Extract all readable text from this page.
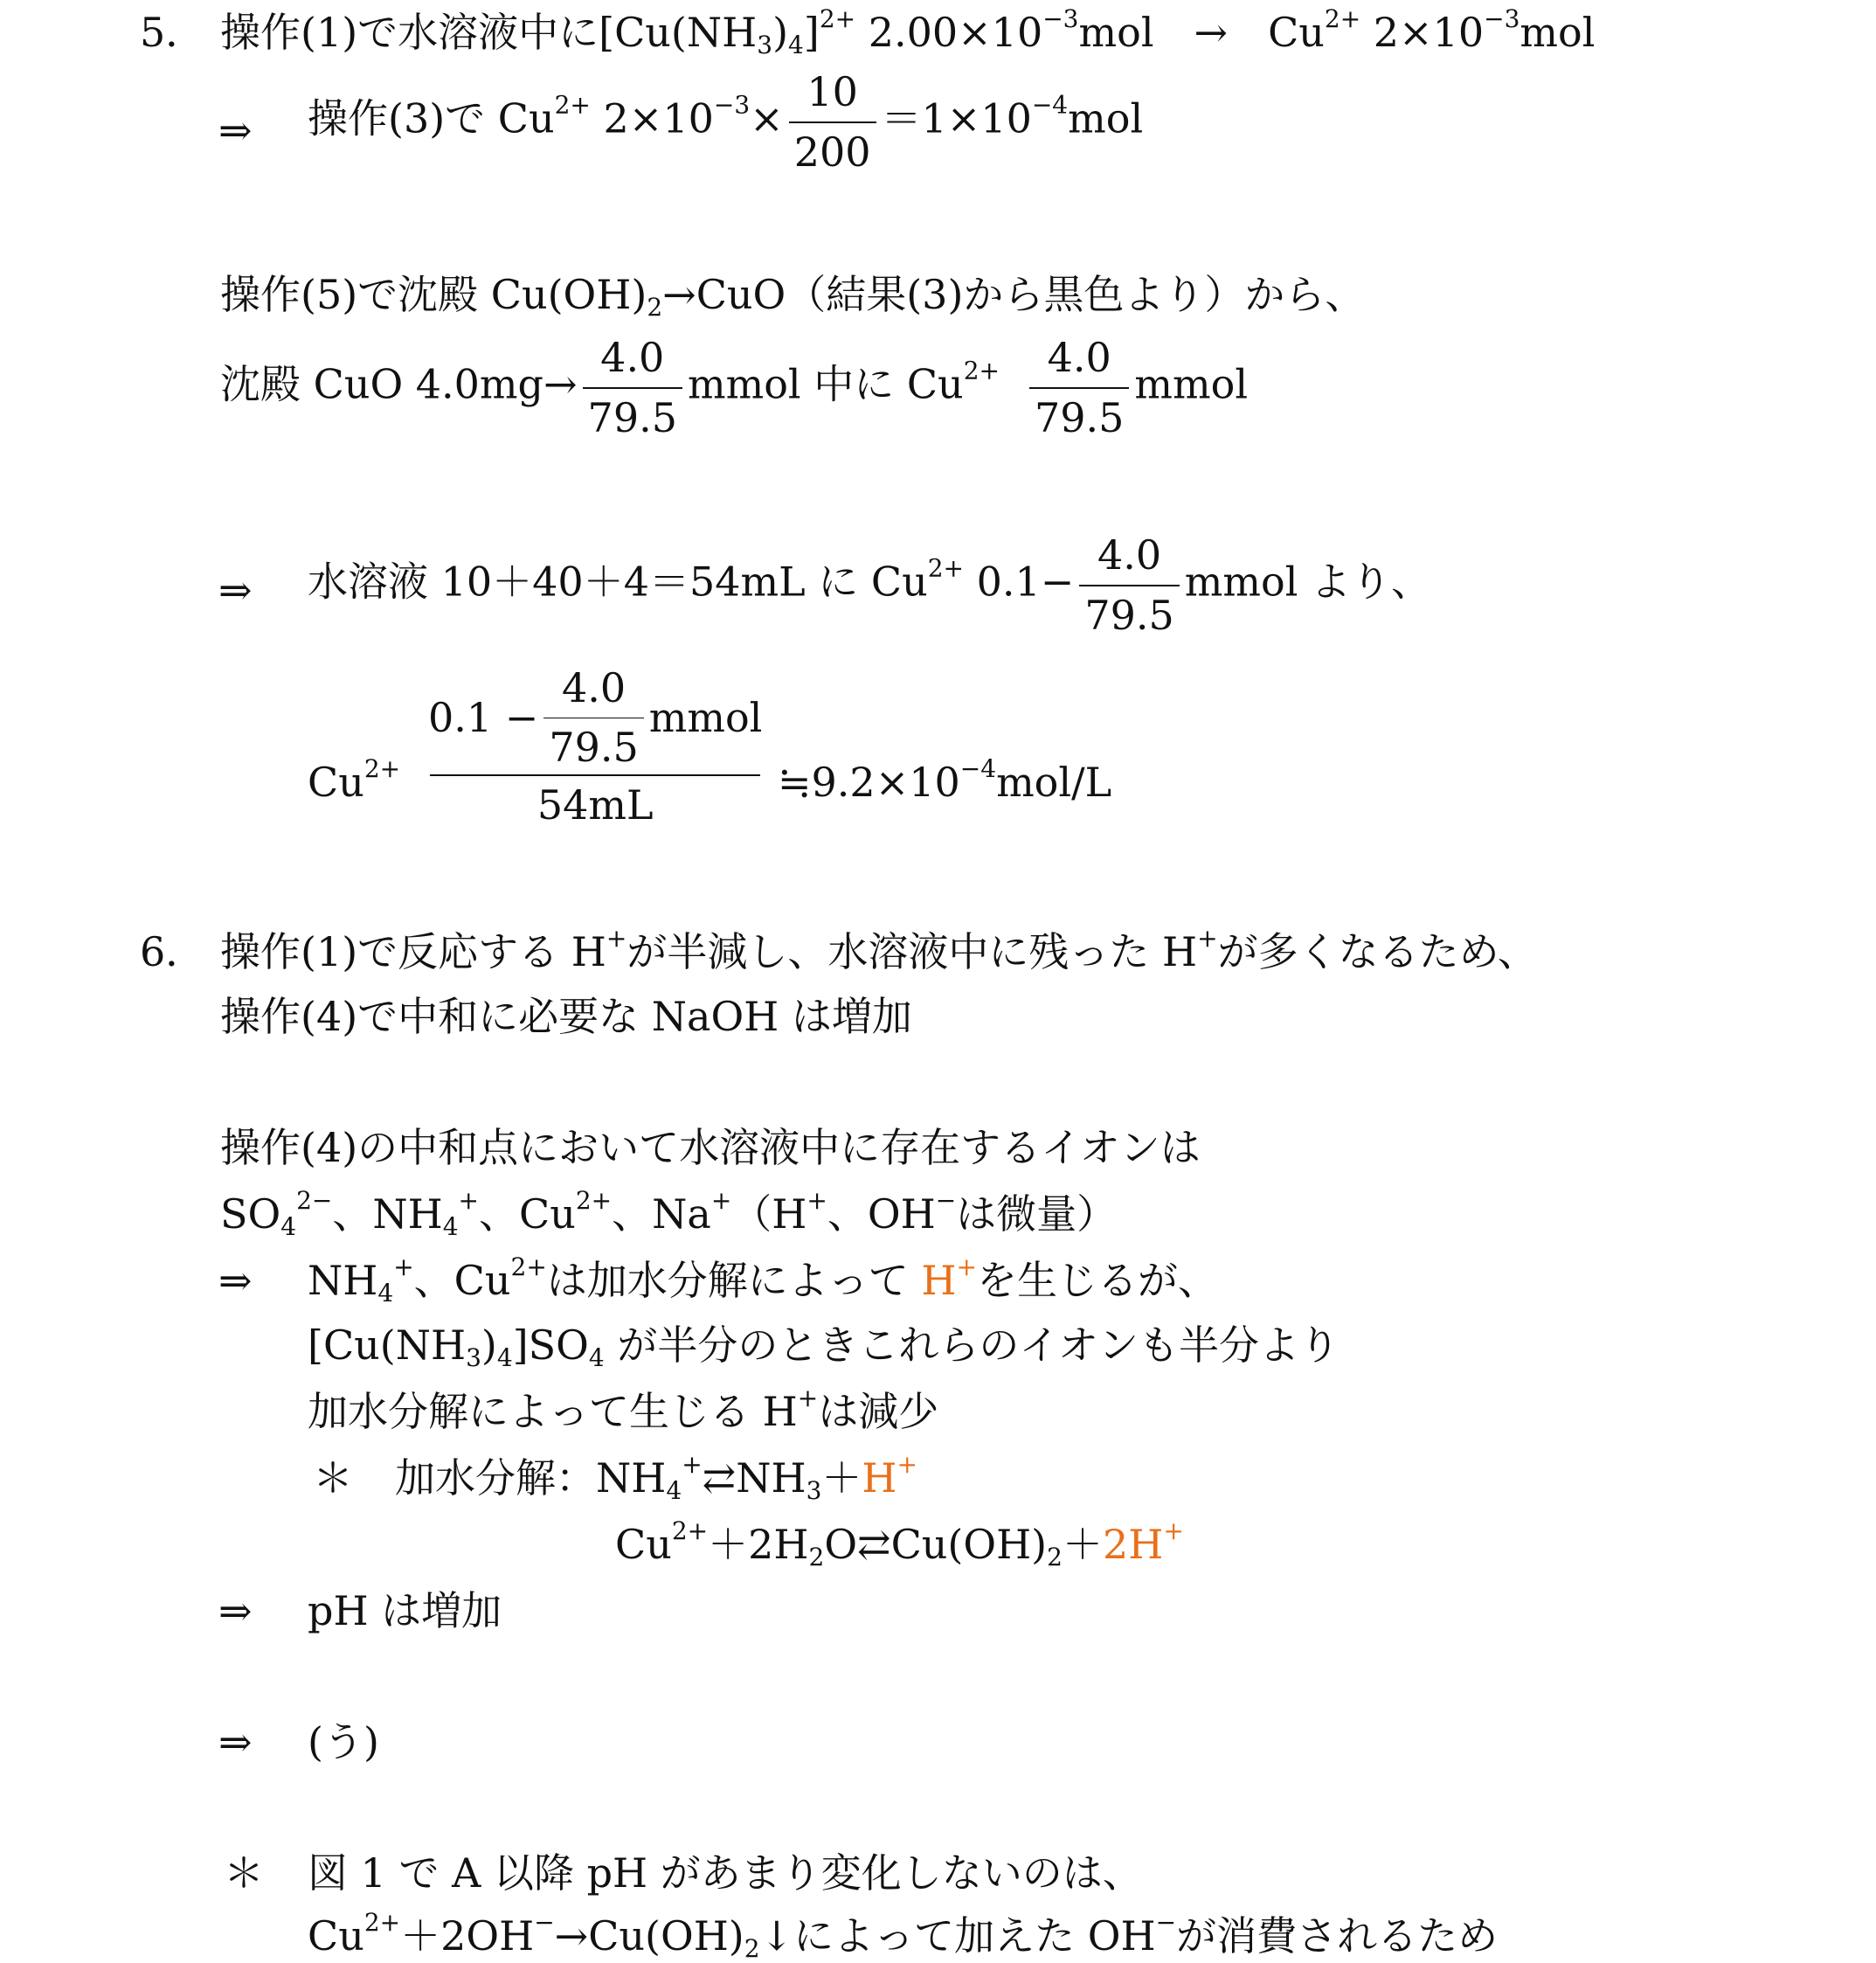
5． 操作(1)で水溶液中に$[Cu(NH_3)_4]^{2+}$ $2.00\times 10^{-3}mol$　→　$Cu^{2+}$ $2\times 10^{-3}mol$
⇒ 操作(3)で $Cu^{2+}$ $2\times 10^{-3}\times \frac{10}{200} =1\times 10^{-4}mol$
操作(5)で沈殿 $Cu(OH)_2\to CuO$（結果(3)から黒色より）から、
沈殿 CuO $4.0mg\to \frac{4.0}{79.5}$ mmol 中に $Cu^{2+} \frac{4.0}{79.5}$ mmol
⇒ 水溶液 10＋40＋4＝54mL に $Cu^{2+}$ $0.1- \frac{4.0}{79.5}$ mmol より、
$Cu^{2+}$
$0.1 - \frac{4.0}{79.5}$ mmol
54mL	$≒9.2\times 10^{-4}mol/L$
6． 操作(1)で反応する H+が半減し、水溶液中に残った H+が多くなるため、
操作(4)で中和に必要な NaOH は増加
操作(4)の中和点において水溶液中に存在するイオンは
$SO_4^{2-}$、$NH_4^+$、$Cu^{2+}$、Na+（H+、OH−は微量）
⇒ $NH_4^+$、$Cu^{2+}$は加水分解によって H+を生じるが、
$[Cu(NH_3)_4]SO_4$ が半分のときこれらのイオンも半分より
加水分解によって生じる H+は減少
＊ 加水分解：$NH_4^+⇄NH_3+H^+$
$Cu^{2+}+2H_2O⇄Cu(OH)_2+2H^+$
⇒ pH は増加
⇒ (う)
＊ 図 1 で A 以降 pH があまり変化しないのは、
$Cu^{2+}+2OH^-\to Cu(OH)_2↓$によって加えた OH−が消費されるため
